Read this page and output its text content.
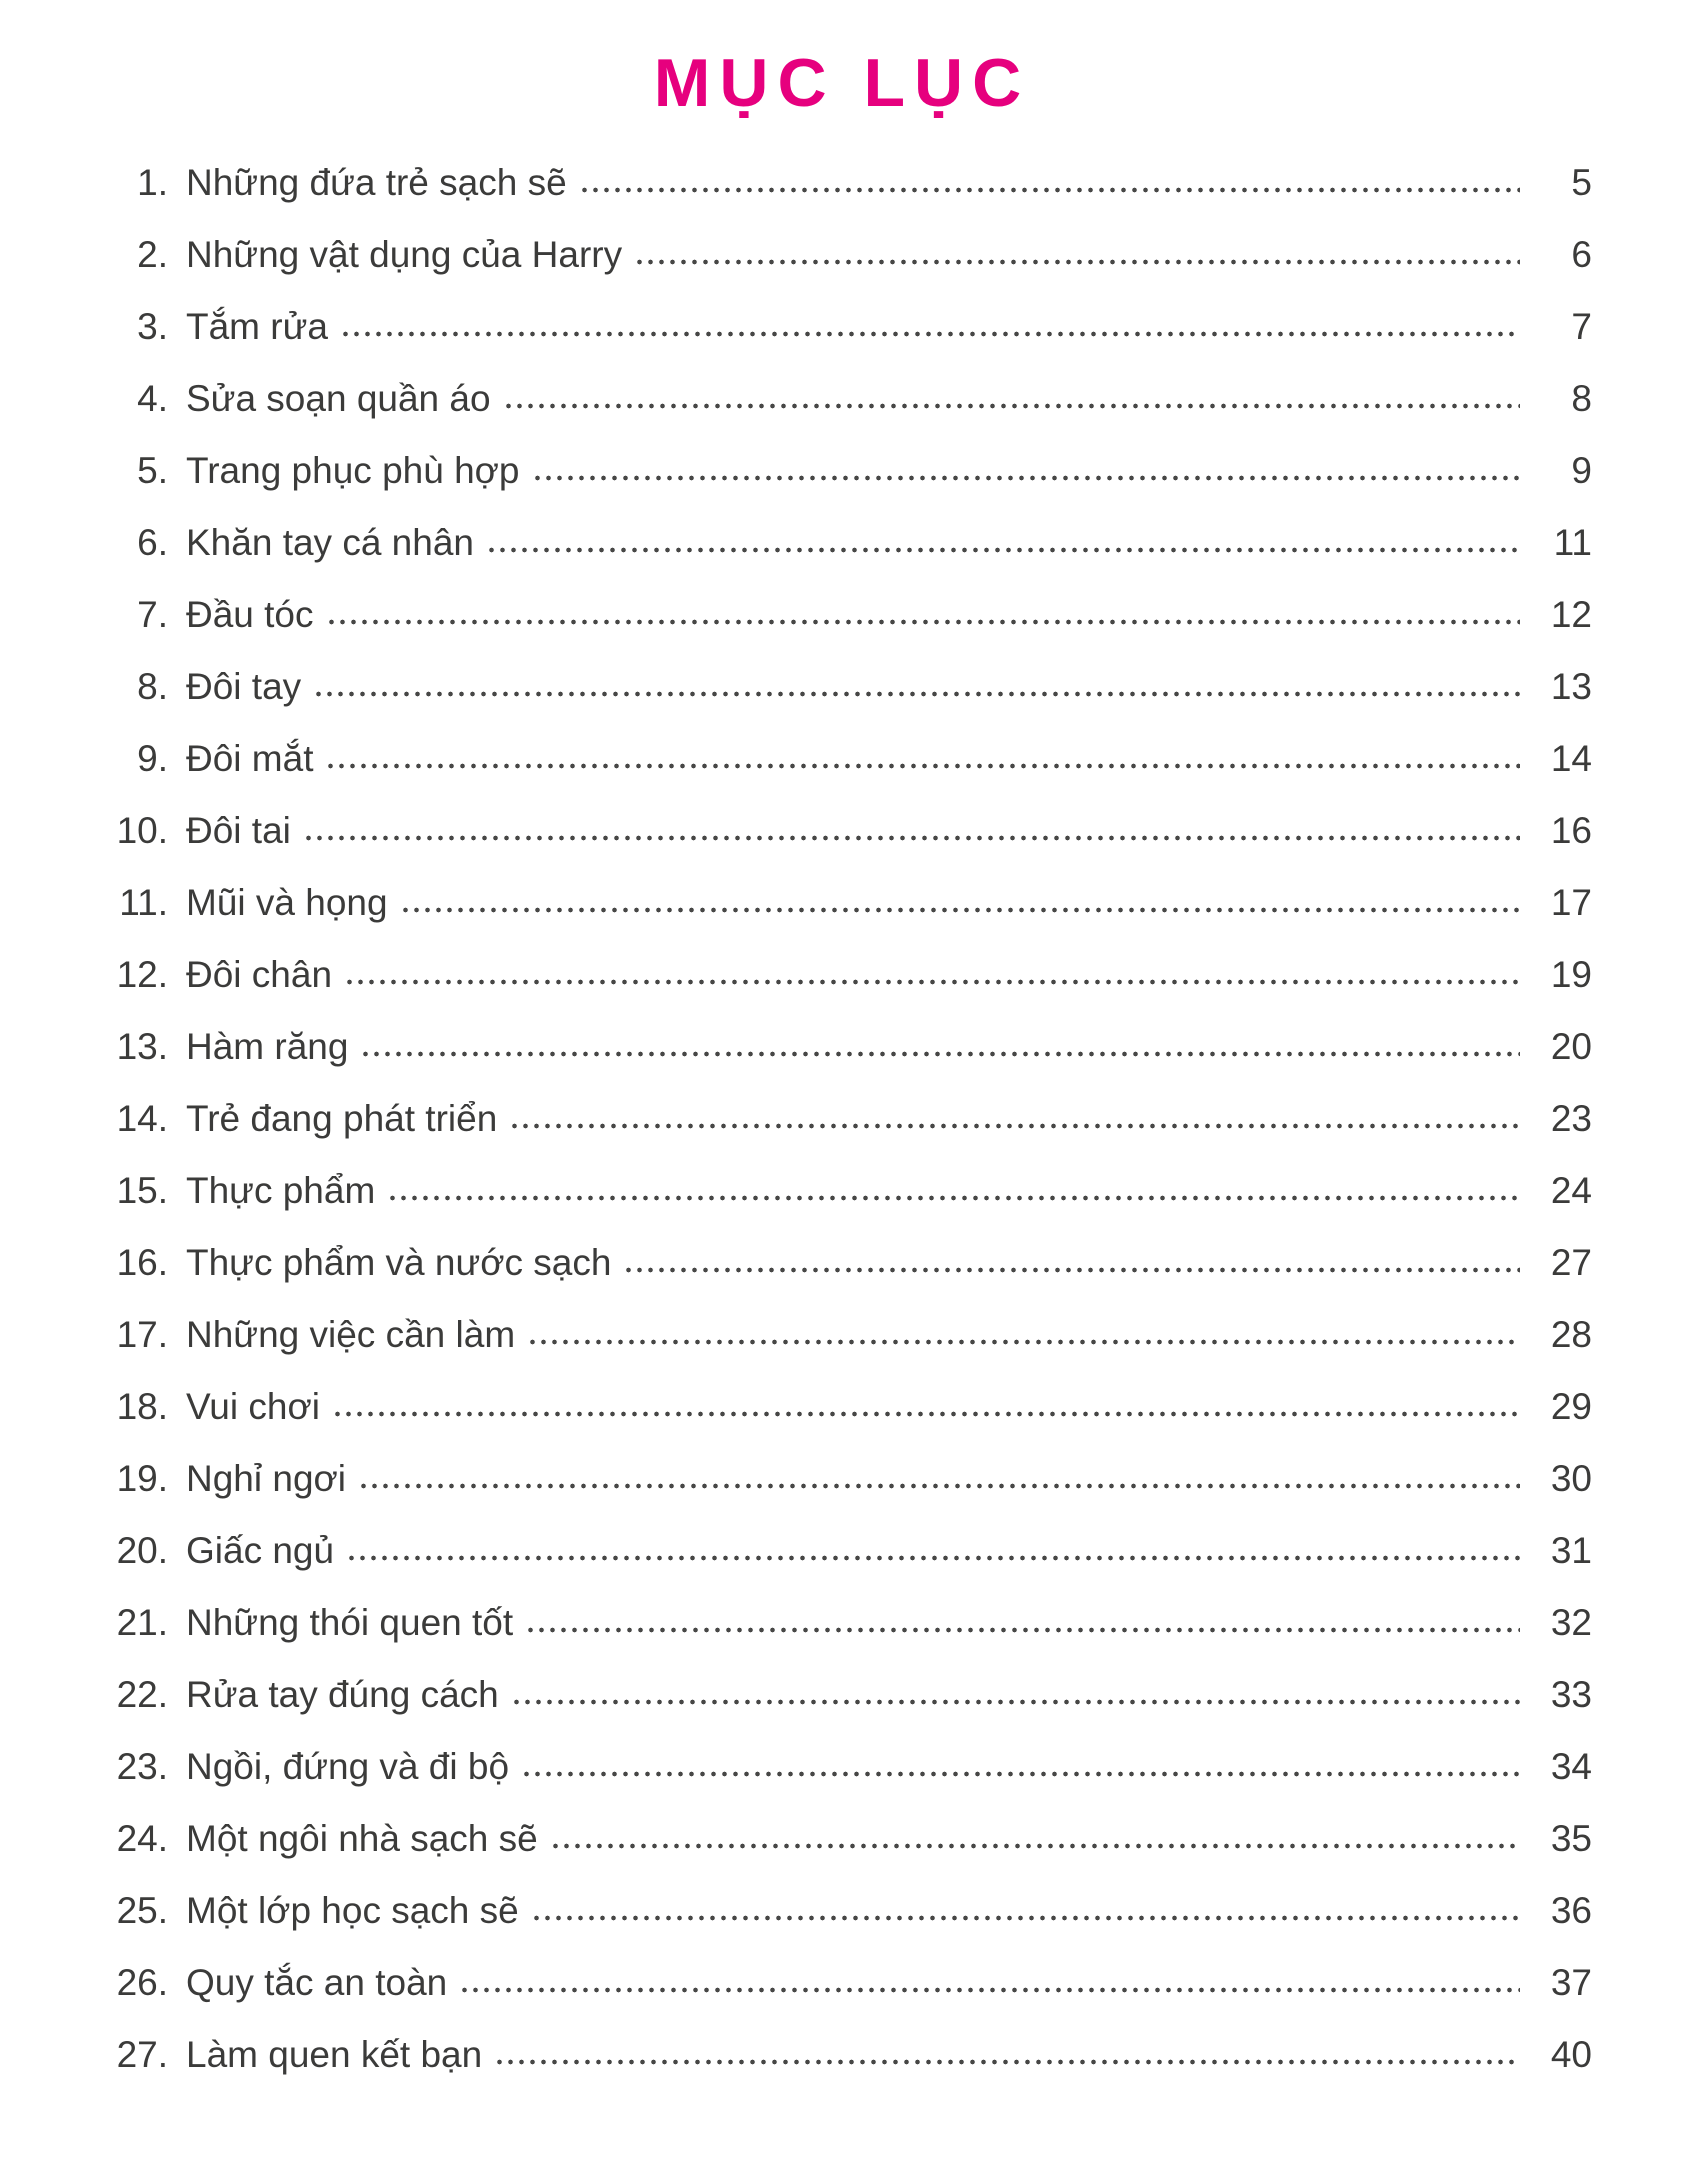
MỤC LỤC
1. Những đứa trẻ sạch sẽ	5
2. Những vật dụng của Harry	6
3. Tắm rửa	7
4. Sửa soạn quần áo	8
5. Trang phục phù hợp	9
6. Khăn tay cá nhân	11
7. Đầu tóc	12
8. Đôi tay	13
9. Đôi mắt	14
10. Đôi tai	16
11. Mũi và họng	17
12. Đôi chân	19
13. Hàm răng	20
14. Trẻ đang phát triển	23
15. Thực phẩm	24
16. Thực phẩm và nước sạch	27
17. Những việc cần làm	28
18. Vui chơi	29
19. Nghỉ ngơi	30
20. Giấc ngủ	31
21. Những thói quen tốt	32
22. Rửa tay đúng cách	33
23. Ngồi, đứng và đi bộ	34
24. Một ngôi nhà sạch sẽ	35
25. Một lớp học sạch sẽ	36
26. Quy tắc an toàn	37
27. Làm quen kết bạn	40
